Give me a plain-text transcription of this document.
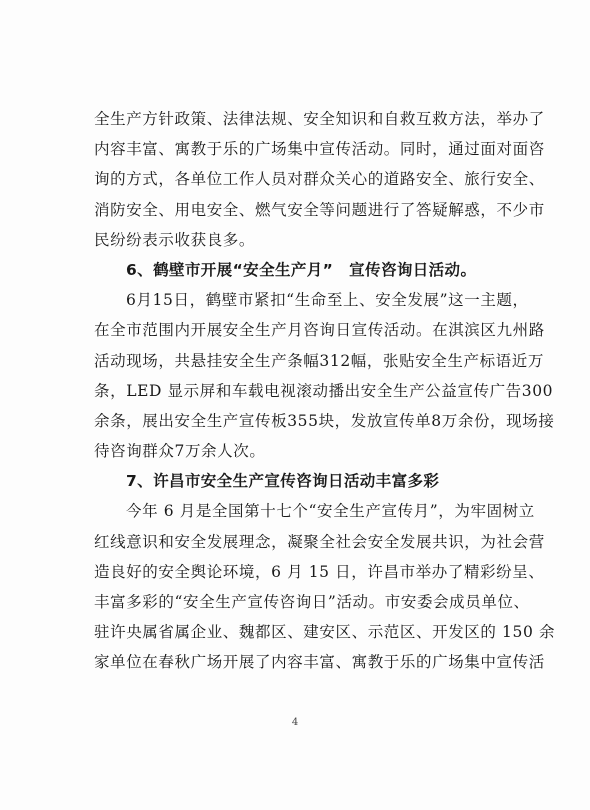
全生产方针政策、法律法规、安全知识和自救互救方法，举办了
内容丰富、寓教于乐的广场集中宣传活动。同时，通过面对面咨
询的方式，各单位工作人员对群众关心的道路安全、旅行安全、
消防安全、用电安全、燃气安全等问题进行了答疑解惑，不少市
民纷纷表示收获良多。
6、鹤壁市开展“安全生产月”　宣传咨询日活动。
6月15日，鹤壁市紧扣“生命至上、安全发展”这一主题，
在全市范围内开展安全生产月咨询日宣传活动。在淇滨区九州路
活动现场，共悬挂安全生产条幅312幅，张贴安全生产标语近万
条，LED 显示屏和车载电视滚动播出安全生产公益宣传广告300
余条，展出安全生产宣传板355块，发放宣传单8万余份，现场接
待咨询群众7万余人次。
7、许昌市安全生产宣传咨询日活动丰富多彩
今年 6 月是全国第十七个“安全生产宣传月”，为牢固树立
红线意识和安全发展理念，凝聚全社会安全发展共识，为社会营
造良好的安全舆论环境，6 月 15 日，许昌市举办了精彩纷呈、
丰富多彩的“安全生产宣传咨询日”活动。市安委会成员单位、
驻许央属省属企业、魏都区、建安区、示范区、开发区的 150 余
家单位在春秋广场开展了内容丰富、寓教于乐的广场集中宣传活
4
